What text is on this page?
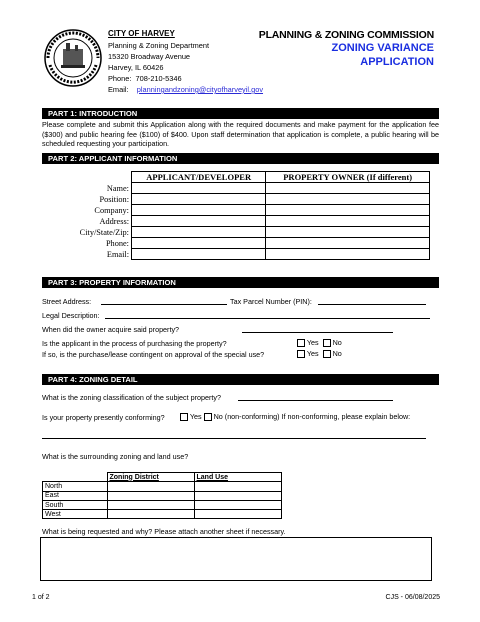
CITY OF HARVEY
Planning & Zoning Department
15320 Broadway Avenue
Harvey, IL 60426
Phone: 708-210-5346
Email: planningandzoning@cityofharveyil.gov
PLANNING & ZONING COMMISSION
ZONING VARIANCE
APPLICATION
PART 1: INTRODUCTION
Please complete and submit this Application along with the required documents and make payment for the application fee ($300) and public hearing fee ($100) of $400. Upon staff determination that application is complete, a public hearing will be scheduled requesting your participation.
PART 2: APPLICANT INFORMATION
	APPLICANT/DEVELOPER	PROPERTY OWNER (If different)
Name:		
Position:		
Company:		
Address:		
City/State/Zip:		
Phone:		
Email:		
PART 3: PROPERTY INFORMATION
Street Address:	Tax Parcel Number (PIN):
Legal Description:
When did the owner acquire said property?
Is the applicant in the process of purchasing the property?	Yes No
If so, is the purchase/lease contingent on approval of the special use?	Yes No
PART 4: ZONING DETAIL
What is the zoning classification of the subject property?
Is your property presently conforming?	Yes No (non-conforming) If non-conforming, please explain below:
What is the surrounding zoning and land use?
	Zoning District	Land Use
North		
East		
South		
West		
What is being requested and why? Please attach another sheet if necessary.
1 of 2	CJS - 06/08/2025
